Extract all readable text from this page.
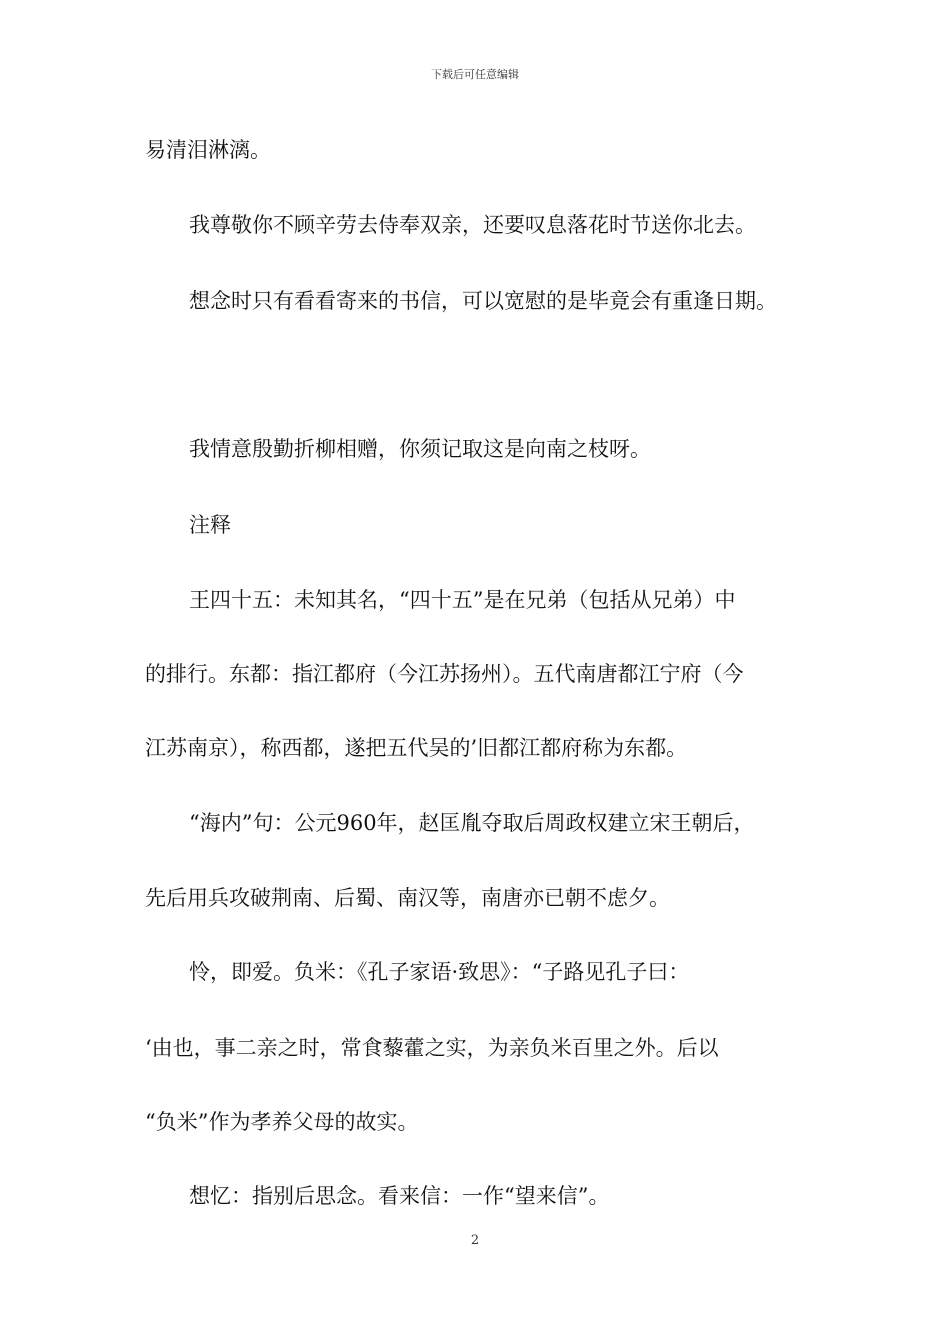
下载后可任意编辑
易清泪淋漓。
我尊敬你不顾辛劳去侍奉双亲，还要叹息落花时节送你北去。
想念时只有看看寄来的书信，可以宽慰的是毕竟会有重逢日期。
我情意殷勤折柳相赠，你须记取这是向南之枝呀。
注释
王四十五：未知其名，“四十五”是在兄弟（包括从兄弟）中
的排行。东都：指江都府（今江苏扬州）。五代南唐都江宁府（今
江苏南京），称西都，遂把五代吴的’旧都江都府称为东都。
“海内”句：公元960年，赵匡胤夺取后周政权建立宋王朝后，
先后用兵攻破荆南、后蜀、南汉等，南唐亦已朝不虑夕。
怜，即爱。负米：《孔子家语·致思》：“子路见孔子曰：
‘由也，事二亲之时，常食藜藿之实，为亲负米百里之外。后以
“负米”作为孝养父母的故实。
想忆：指别后思念。看来信：一作“望来信”。
2
